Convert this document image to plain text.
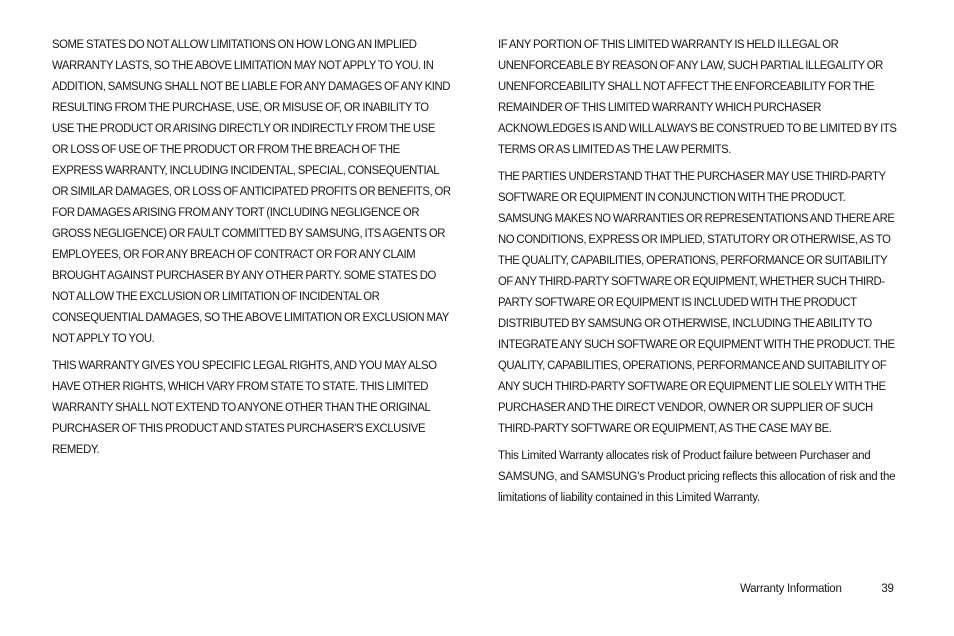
SOME STATES DO NOT ALLOW LIMITATIONS ON HOW LONG AN IMPLIED WARRANTY LASTS, SO THE ABOVE LIMITATION MAY NOT APPLY TO YOU. IN ADDITION, SAMSUNG SHALL NOT BE LIABLE FOR ANY DAMAGES OF ANY KIND RESULTING FROM THE PURCHASE, USE, OR MISUSE OF, OR INABILITY TO USE THE PRODUCT OR ARISING DIRECTLY OR INDIRECTLY FROM THE USE OR LOSS OF USE OF THE PRODUCT OR FROM THE BREACH OF THE EXPRESS WARRANTY, INCLUDING INCIDENTAL, SPECIAL, CONSEQUENTIAL OR SIMILAR DAMAGES, OR LOSS OF ANTICIPATED PROFITS OR BENEFITS, OR FOR DAMAGES ARISING FROM ANY TORT (INCLUDING NEGLIGENCE OR GROSS NEGLIGENCE) OR FAULT COMMITTED BY SAMSUNG, ITS AGENTS OR EMPLOYEES, OR FOR ANY BREACH OF CONTRACT OR FOR ANY CLAIM BROUGHT AGAINST PURCHASER BY ANY OTHER PARTY. SOME STATES DO NOT ALLOW THE EXCLUSION OR LIMITATION OF INCIDENTAL OR CONSEQUENTIAL DAMAGES, SO THE ABOVE LIMITATION OR EXCLUSION MAY NOT APPLY TO YOU.

THIS WARRANTY GIVES YOU SPECIFIC LEGAL RIGHTS, AND YOU MAY ALSO HAVE OTHER RIGHTS, WHICH VARY FROM STATE TO STATE. THIS LIMITED WARRANTY SHALL NOT EXTEND TO ANYONE OTHER THAN THE ORIGINAL PURCHASER OF THIS PRODUCT AND STATES PURCHASER'S EXCLUSIVE REMEDY.

IF ANY PORTION OF THIS LIMITED WARRANTY IS HELD ILLEGAL OR UNENFORCEABLE BY REASON OF ANY LAW, SUCH PARTIAL ILLEGALITY OR UNENFORCEABILITY SHALL NOT AFFECT THE ENFORCEABILITY FOR THE REMAINDER OF THIS LIMITED WARRANTY WHICH PURCHASER ACKNOWLEDGES IS AND WILL ALWAYS BE CONSTRUED TO BE LIMITED BY ITS TERMS OR AS LIMITED AS THE LAW PERMITS.

THE PARTIES UNDERSTAND THAT THE PURCHASER MAY USE THIRD-PARTY SOFTWARE OR EQUIPMENT IN CONJUNCTION WITH THE PRODUCT. SAMSUNG MAKES NO WARRANTIES OR REPRESENTATIONS AND THERE ARE NO CONDITIONS, EXPRESS OR IMPLIED, STATUTORY OR OTHERWISE, AS TO THE QUALITY, CAPABILITIES, OPERATIONS, PERFORMANCE OR SUITABILITY OF ANY THIRD-PARTY SOFTWARE OR EQUIPMENT, WHETHER SUCH THIRD-PARTY SOFTWARE OR EQUIPMENT IS INCLUDED WITH THE PRODUCT DISTRIBUTED BY SAMSUNG OR OTHERWISE, INCLUDING THE ABILITY TO INTEGRATE ANY SUCH SOFTWARE OR EQUIPMENT WITH THE PRODUCT. THE QUALITY, CAPABILITIES, OPERATIONS, PERFORMANCE AND SUITABILITY OF ANY SUCH THIRD-PARTY SOFTWARE OR EQUIPMENT LIE SOLELY WITH THE PURCHASER AND THE DIRECT VENDOR, OWNER OR SUPPLIER OF SUCH THIRD-PARTY SOFTWARE OR EQUIPMENT, AS THE CASE MAY BE.

This Limited Warranty allocates risk of Product failure between Purchaser and SAMSUNG, and SAMSUNG's Product pricing reflects this allocation of risk and the limitations of liability contained in this Limited Warranty.

Warranty Information	39
